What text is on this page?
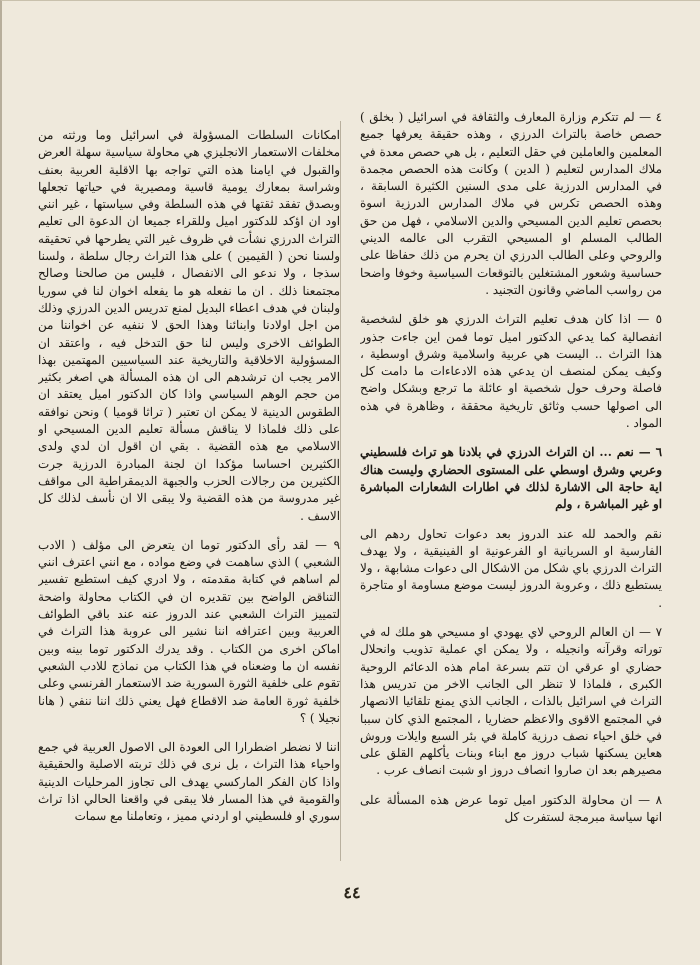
٤ — لم تتكرم وزارة المعارف والثقافة في اسرائيل ( بخلق ) حصص خاصة بالتراث الدرزي ، وهذه حقيقة يعرفها جميع المعلمين والعاملين في حقل التعليم ، بل هي حصص معدة في ملاك المدارس لتعليم ( الدين ) وكانت هذه الحصص مجمدة في المدارس الدرزية على مدى السنين الكثيرة السابقة ، وهذه الحصص تكرس في ملاك المدارس الدرزية اسوة بحصص تعليم الدين المسيحي والدين الاسلامي ، فهل من حق الطالب المسلم او المسيحي التقرب الى عالمه الديني والروحي وعلى الطالب الدرزي ان يحرم من ذلك حفاظا على حساسية وشعور المشتغلين بالتوقعات السياسية وخوفا واضحا من رواسب الماضي وقانون التجنيد .

٥ — اذا كان هدف تعليم التراث الدرزي هو خلق لشخصية انفصالية كما يدعي الدكتور اميل توما فمن اين جاءت جذور هذا التراث .. اليست هي عربية واسلامية وشرق اوسطية ، وكيف يمكن لمنصف ان يدعي هذه الادعاءات ما دامت كل فاصلة وحرف حول شخصية او عائلة ما ترجع وبشكل واضح الى اصولها حسب وثائق تاريخية محققة ، وظاهرة في هذه المواد .

٦ — نعم ... ان التراث الدرزي في بلادنا هو تراث فلسطيني وعربي وشرق اوسطي على المستوى الحضاري وليست هناك اية حاجة الى الاشارة لذلك في اطارات الشعارات المباشرة او غير المباشرة ، ولم

نقم والحمد لله عند الدروز بعد دعوات تحاول ردهم الى الفارسية او السريانية او الفرعونية او الفينيقية ، ولا يهدف التراث الدرزي باي شكل من الاشكال الى دعوات مشابهة ، ولا يستطيع ذلك ، وعروبة الدروز ليست موضع مساومة او متاجرة .

٧ — ان العالم الروحي لاي يهودي او مسيحي هو ملك له في توراته وقرآنه وانجيله ، ولا يمكن اي عملية تذويب وانحلال حضاري او عرقي ان تتم بسرعة امام هذه الدعائم الروحية الكبرى ، فلماذا لا تنظر الى الجانب الاخر من تدريس هذا التراث في اسرائيل بالذات ، الجانب الذي يمنع تلقائيا الانصهار في المجتمع الاقوى والاعظم حضاريا ، المجتمع الذي كان سببا في خلق احياء نصف درزية كاملة في بئر السبع وايلات وروش هعاين يسكنها شباب دروز مع ابناء وبنات يأكلهم القلق على مصيرهم بعد ان صاروا انصاف دروز او شبت انصاف عرب .

٨ — ان محاولة الدكتور اميل توما عرض هذه المسألة على انها سياسة مبرمجة لستفرت كل

امكانات السلطات المسؤولة في اسرائيل وما ورثته من مخلفات الاستعمار الانجليزي هي محاولة سياسية سهلة العرض والقبول في ايامنا هذه التي تواجه بها الاقلية العربية بعنف وشراسة بمعارك يومية قاسية ومصيرية في حياتها تجعلها وبصدق تفقد ثقتها في هذه السلطة وفي سياستها ، غير انني اود ان اؤكد للدكتور اميل وللقراء جميعا ان الدعوة الى تعليم التراث الدرزي نشأت في ظروف غير التي يطرحها في تحقيقه ولسنا نحن ( القيمين ) على هذا التراث رجال سلطة ، ولسنا سذجا ، ولا ندعو الى الانفصال ، فليس من صالحنا وصالح مجتمعنا ذلك . ان ما نفعله هو ما يفعله اخوان لنا في سوريا ولبنان في هدف اعطاء البديل لمنع تدريس الدين الدرزي وذلك من اجل اولادنا وابنائنا وهذا الحق لا ننفيه عن اخواننا من الطوائف الاخرى وليس لنا حق التدخل فيه ، واعتقد ان المسؤولية الاخلاقية والتاريخية عند السياسيين المهتمين بهذا الامر يجب ان ترشدهم الى ان هذه المسألة هي اصغر بكثير من حجم الوهم السياسي واذا كان الدكتور اميل يعتقد ان الطقوس الدينية لا يمكن ان تعتبر ( تراثا قوميا ) ونحن نوافقه على ذلك فلماذا لا يناقش مسألة تعليم الدين المسيحي او الاسلامي مع هذه القضية . بقي ان اقول ان لدي ولدى الكثيرين احساسا مؤكدا ان لجنة المبادرة الدرزية جرت الكثيرين من رجالات الحزب والجبهة الديمقراطية الى مواقف غير مدروسة من هذه القضية ولا يبقى الا ان نأسف لذلك كل الاسف .

٩ — لقد رأى الدكتور توما ان يتعرض الى مؤلف ( الادب الشعبي ) الذي ساهمت في وضع مواده ، مع انني اعترف انني لم اساهم في كتابة مقدمته ، ولا ادري كيف استطيع تفسير التناقض الواضح بين تقديره ان في الكتاب محاولة واضحة لتمييز التراث الشعبي عند الدروز عنه عند باقي الطوائف العربية وبين اعترافه اننا نشير الى عروبة هذا التراث في اماكن اخرى من الكتاب . وقد يدرك الدكتور توما بينه وبين نفسه ان ما وضعناه في هذا الكتاب من نماذج للادب الشعبي تقوم على خلفية الثورة السورية ضد الاستعمار الفرنسي وعلى خلفية ثورة العامة ضد الاقطاع فهل يعني ذلك اننا ننفي ( هانا نجيلا ) ؟

اننا لا نضطر اضطرارا الى العودة الى الاصول العربية في جمع واحياء هذا التراث ، بل نرى في ذلك تربته الاصلية والحقيقية واذا كان الفكر الماركسي يهدف الى تجاوز المرحليات الدينية والقومية في هذا المسار فلا يبقى في واقعنا الحالي اذا تراث سوري او فلسطيني او اردني مميز ، وتعاملنا مع سمات

٤٤
